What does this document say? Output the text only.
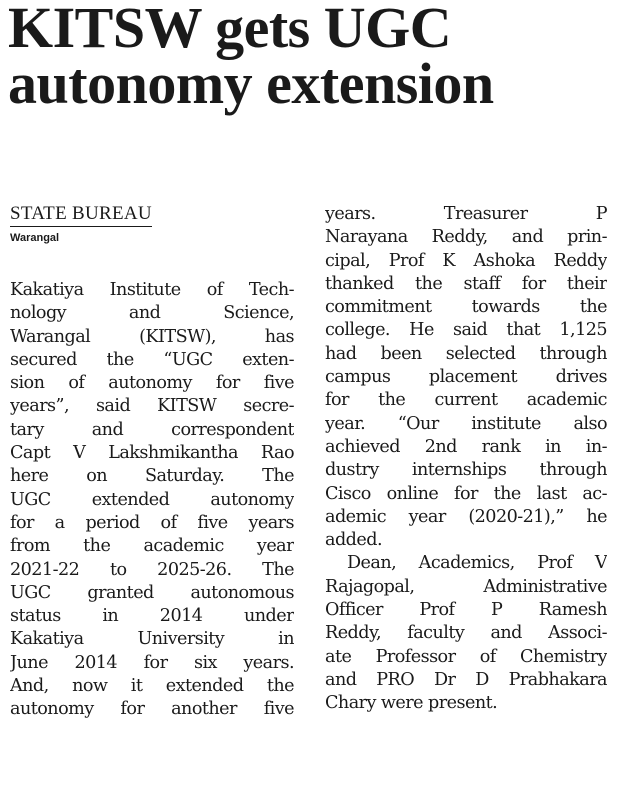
KITSW gets UGC
autonomy extension
STATE BUREAU
Warangal
Kakatiya Institute of Tech-
nology and Science,
Warangal (KITSW), has
secured the “UGC exten-
sion of autonomy for five
years”, said KITSW secre-
tary and correspondent
Capt V Lakshmikantha Rao
here on Saturday. The
UGC extended autonomy
for a period of five years
from the academic year
2021-22 to 2025-26. The
UGC granted autonomous
status in 2014 under
Kakatiya University in
June 2014 for six years.
And, now it extended the
autonomy for another five
years. Treasurer P
Narayana Reddy, and prin-
cipal, Prof K Ashoka Reddy
thanked the staff for their
commitment towards the
college. He said that 1,125
had been selected through
campus placement drives
for the current academic
year. “Our institute also
achieved 2nd rank in in-
dustry internships through
Cisco online for the last ac-
ademic year (2020-21),” he
added.
Dean, Academics, Prof V
Rajagopal, Administrative
Officer Prof P Ramesh
Reddy, faculty and Associ-
ate Professor of Chemistry
and PRO Dr D Prabhakara
Chary were present.
